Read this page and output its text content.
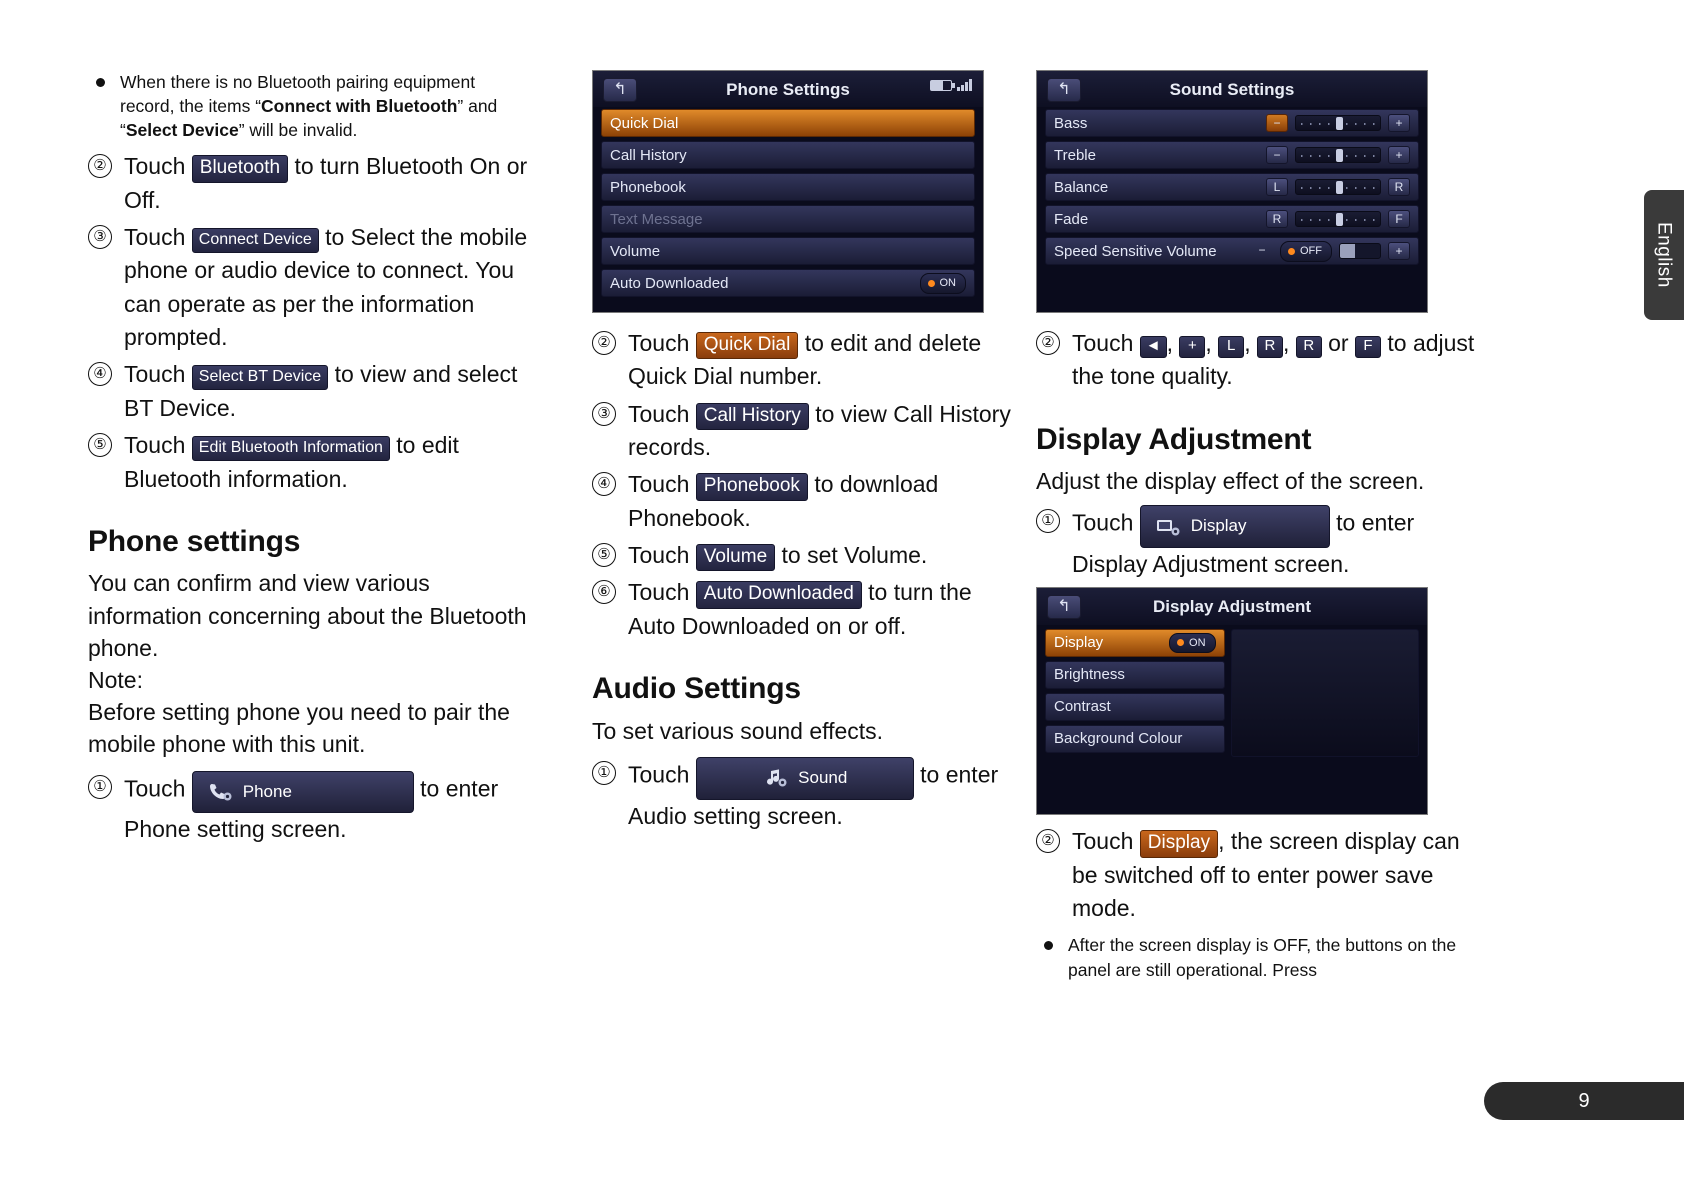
When there is no Bluetooth pairing equipment record, the items “Connect with Bluetooth” and “Select Device” will be invalid.
② Touch Bluetooth to turn Bluetooth On or Off.
③ Touch Connect Device to Select the mobile phone or audio device to connect. You can operate as per the information prompted.
④ Touch Select BT Device to view and select BT Device.
⑤ Touch Edit Bluetooth Information to edit Bluetooth information.
Phone settings

You can confirm and view various information concerning about the Bluetooth phone.

Note:

Before setting phone you need to pair the mobile phone with this unit.

① Touch	Phone	to enter Phone setting screen.
Phone Settings
↰
Quick Dial
Call History
Phonebook
Text Message
Volume
Auto Downloaded	ON
② Touch Quick Dial to edit and delete Quick Dial number.
③ Touch Call History to view Call History records.
④ Touch Phonebook to download Phonebook.
⑤ Touch Volume to set Volume.
⑥ Touch Auto Downloaded to turn the Auto Downloaded on or off.
Audio Settings

To set various sound effects.

① Touch	Sound	to enter Audio setting screen.
Sound Settings
↰
Bass	−	+
Treble	−	+
Balance	L	R
Fade	R	F
Speed Sensitive Volume	−	OFF	+
② Touch ◄ , + , L , R , R or F to adjust the tone quality.
Display Adjustment

Adjust the display effect of the screen.

① Touch	Display	to enter Display Adjustment screen.
Display Adjustment
↰
Display	ON
Brightness
Contrast
Background Colour
② Touch Display , the screen display can be switched off to enter power save mode.
After the screen display is OFF, the buttons on the panel are still operational. Press
English
9
